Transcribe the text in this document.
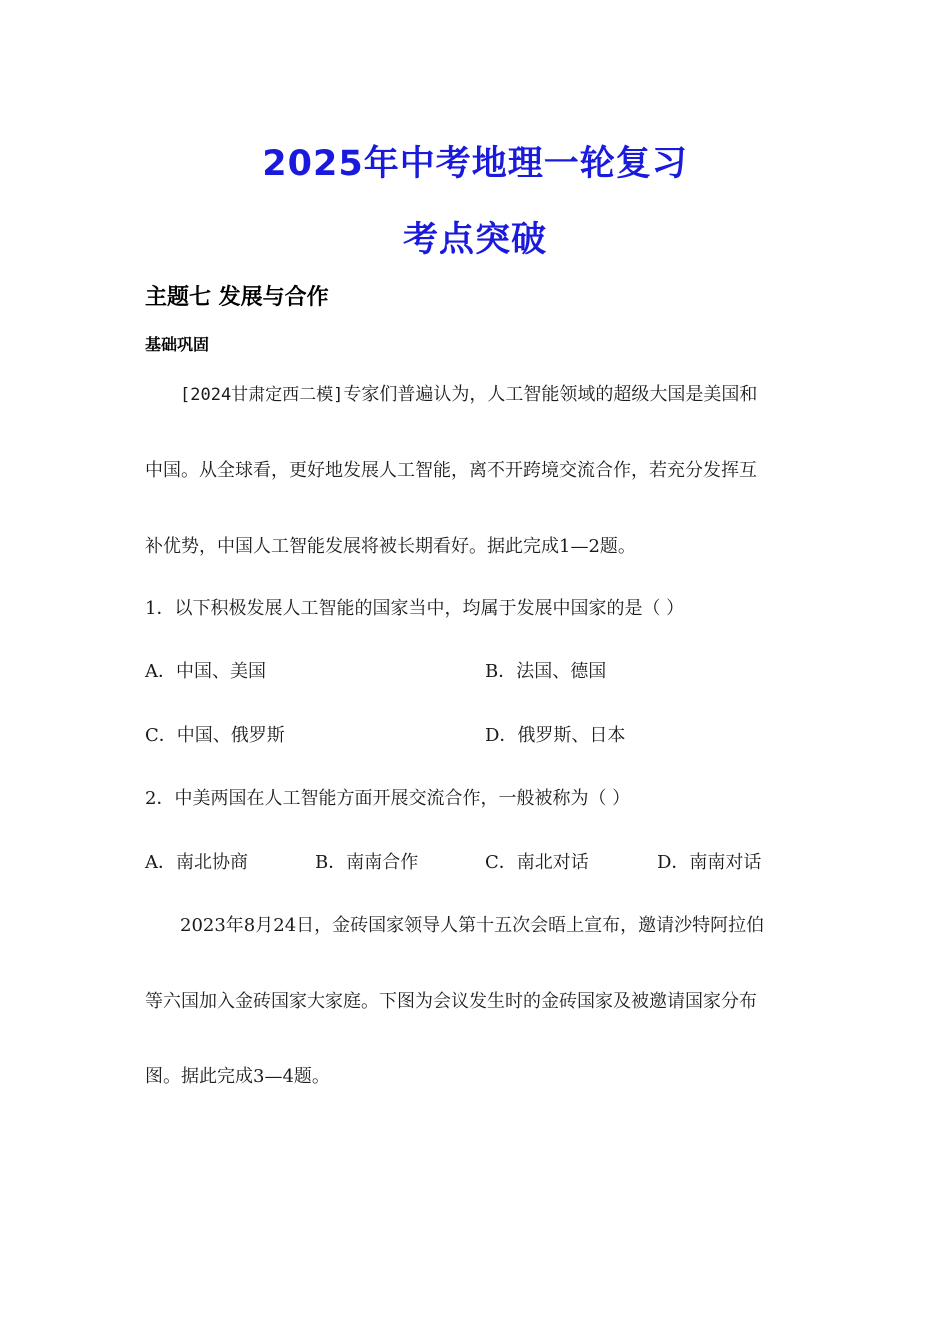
2025年中考地理一轮复习
考点突破
主题七 发展与合作
基础巩固
[2024甘肃定西二模]专家们普遍认为，人工智能领域的超级大国是美国和
中国。从全球看，更好地发展人工智能，离不开跨境交流合作，若充分发挥互
补优势，中国人工智能发展将被长期看好。据此完成1—2题。
1．以下积极发展人工智能的国家当中，均属于发展中国家的是（ ）
A．中国、美国	B．法国、德国
C．中国、俄罗斯	D．俄罗斯、日本
2．中美两国在人工智能方面开展交流合作，一般被称为（ ）
A．南北协商	B．南南合作	C．南北对话	D．南南对话
2023年8月24日，金砖国家领导人第十五次会晤上宣布，邀请沙特阿拉伯
等六国加入金砖国家大家庭。下图为会议发生时的金砖国家及被邀请国家分布
图。据此完成3—4题。
